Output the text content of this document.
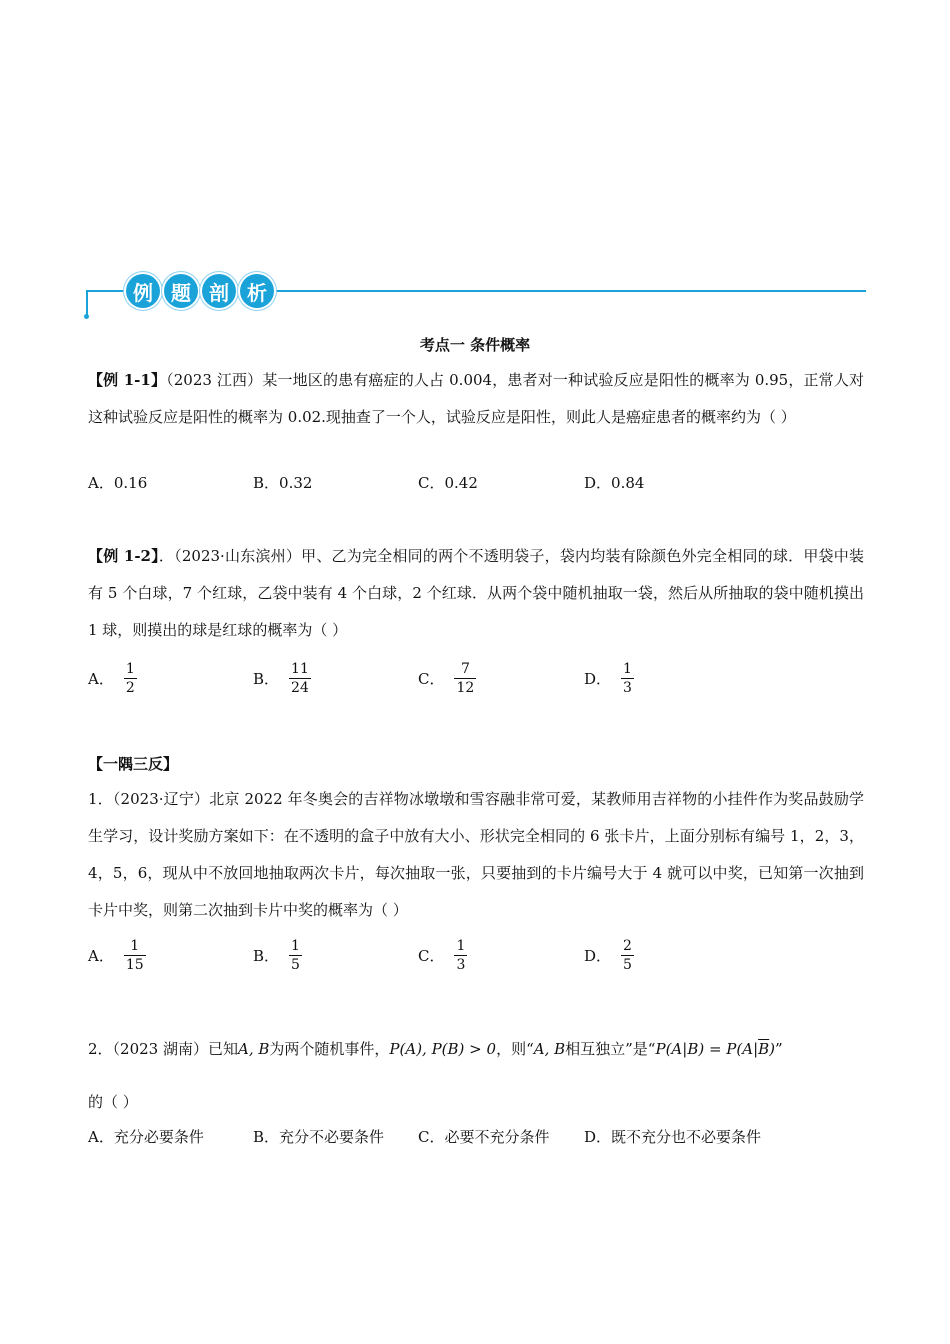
例 题 剖 析
考点一 条件概率
【例 1-1】（2023 江西）某一地区的患有癌症的人占 0.004，患者对一种试验反应是阳性的概率为 0.95，正常人对这种试验反应是阳性的概率为 0.02.现抽查了一个人，试验反应是阳性，则此人是癌症患者的概率约为（ ）
A． 0.16	B． 0.32	C． 0.42	D． 0.84
【例 1-2】．（2023·山东滨州）甲、乙为完全相同的两个不透明袋子，袋内均装有除颜色外完全相同的球．甲袋中装有 5 个白球，7 个红球，乙袋中装有 4 个白球，2 个红球．从两个袋中随机抽取一袋，然后从所抽取的袋中随机摸出 1 球，则摸出的球是红球的概率为（ ）
A． $\frac{1}{2}$	B． $\frac{11}{24}$	C． $\frac{7}{12}$	D． $\frac{1}{3}$
【一隅三反】
1．（2023·辽宁）北京 2022 年冬奥会的吉祥物冰墩墩和雪容融非常可爱，某教师用吉祥物的小挂件作为奖品鼓励学生学习，设计奖励方案如下：在不透明的盒子中放有大小、形状完全相同的 6 张卡片，上面分别标有编号 1，2，3，4，5，6，现从中不放回地抽取两次卡片，每次抽取一张，只要抽到的卡片编号大于 4 就可以中奖，已知第一次抽到卡片中奖，则第二次抽到卡片中奖的概率为（ ）
A． $\frac{1}{15}$	B． $\frac{1}{5}$	C． $\frac{1}{3}$	D． $\frac{2}{5}$
2．（2023 湖南）已知A, B为两个随机事件，P(A), P(B) > 0，则“A, B相互独立”是“$P(A|B) = P(A|\overline{B})$”
的（ ）
A． 充分必要条件	B． 充分不必要条件 C． 必要不充分条件 D． 既不充分也不必要条件
